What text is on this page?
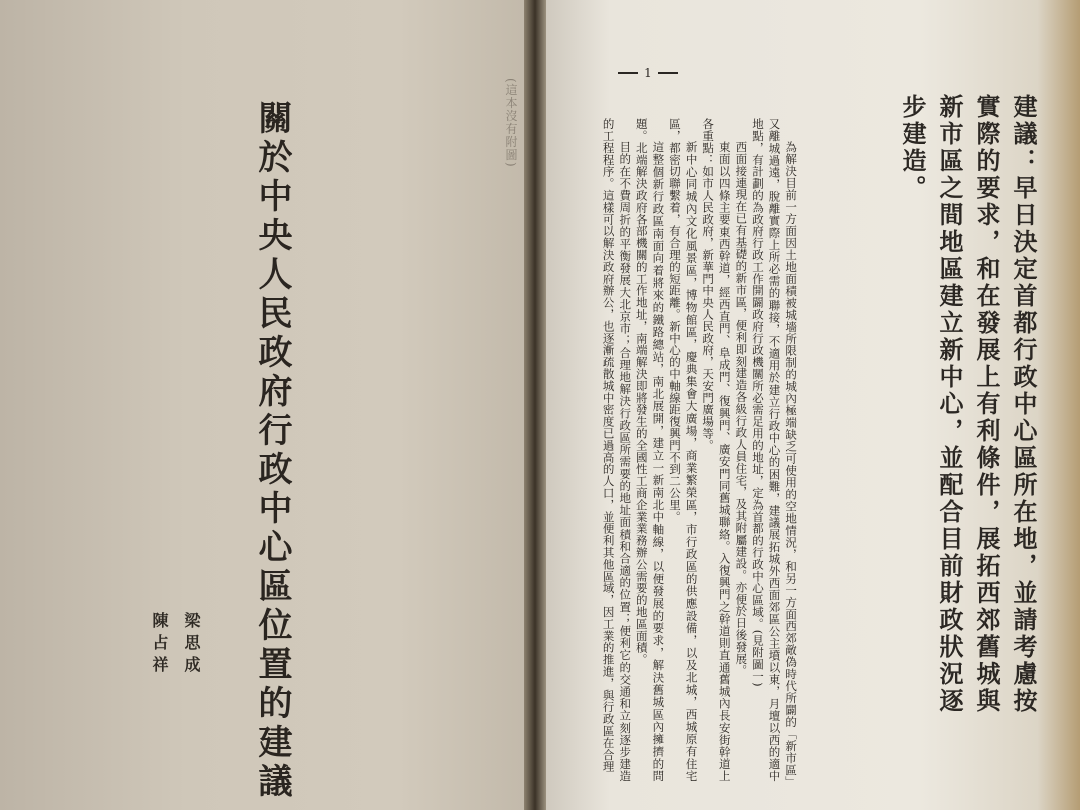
關於中央人民政府行政中心區位置的建議
(	這本沒有附圖 )
梁思成
陳占祥
1
建議：早日決定首都行政中心區所在地，並請考慮按實際的要求，和在發展上有利條件，展拓西郊舊城與新市區之間地區建立新中心，並配合目前財政狀況逐步建造。

為解決目前一方面因土地面積被城墻所限制的城內極端缺乏可使用的空地情況，和另一方面西郊敵偽時代所闢的「新市區」又離城過遠，脫離實際上所必需的聯接，不適用於建立行政中心的困難，建議展拓城外西面郊區公主墳以東，月壇以西的適中地點，有計劃的為政府行政工作開闢政府行政機關所必需足用的地址，定為首都的行政中心區域。(見附圖一)

西面接連現在已有基礎的新市區，便利即刻建造各級行政人員住宅，及其附屬建設。亦便於日後發展。

東面以四條主要東西幹道，經西直門、阜成門、復興門、廣安門同舊城聯絡。入復興門之幹道則直通舊城內長安街幹道上各重點：如市人民政府，新華門中央人民政府，天安門廣場等。

新中心同城內文化風景區，博物館區，慶典集會大廣場，商業繁榮區，市行政區的供應設備，以及北城，西城原有住宅區，都密切聯繫着，有合理的短距離。新中心的中軸線距復興門不到二公里。

這整個新行政區南面向着將來的鐵路總站，南北展開，建立一新南北中軸線，以便發展的要求，解決舊城區內擁擠的問題。北端解決政府各部機關的工作地址，南端解決即將發生的全國性工商企業業務辦公需要的地區面積。

目的在不費周折的平衡發展大北京市；合理地解決行政區所需要的地址面積和合適的位置；便利它的交通和立刻逐步建造的工程程序。這樣可以解決政府辦公，也逐漸疏散城中密度已過高的人口，並便利其他區域，因工業的推進，與行政區在合理
